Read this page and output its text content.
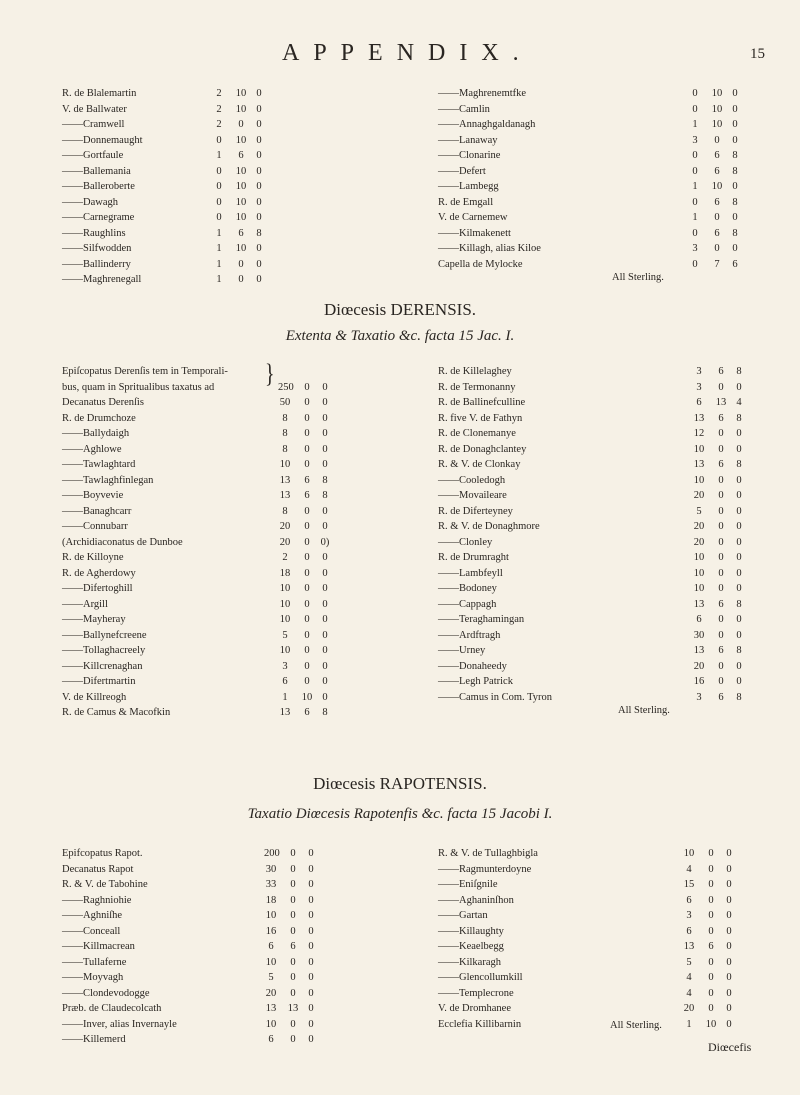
APPENDIX.	15
R. de Blalemartin	2	10 0
V. de Ballwater	2	10 0
——Cramwell	2	0	0
——Donnemaught	0	10 0
——Gortfaule	1	6	0
——Ballemania	0	10 0
——Balleroberte	0	10 0
——Dawagh	0	10 0
——Carnegrame	0	10 0
——Raughlins	1	6	8
——Silfwodden	1	10 0
——Ballinderry	1	0	0
——Maghrenegall	1	0	0
——Maghrenemtfke	0	10 0
——Camlin	0	10 0
——Annaghgaldanagh	1	10 0
——Lanaway	3	0	0
——Clonarine	0	6	8
——Defert	0	6	8
——Lambegg	1	10 0
R. de Emgall	0	6	8
V. de Carnemew	1	0	0
——Kilmakenett	0	6	8
——Killagh, alias Kiloe	3	0	0
Capella de Mylocke	0	7	6
All Sterling.
Diœcesis DERENSIS.
Extenta & Taxatio &c. facta 15 Jac. I.
Epiſcopatus Derenſis tem in Temporali-
bus, quam in Spritualibus taxatus ad	250	0	0
Decanatus Derenſis	50	0	0
R. de Drumchoze	8	0	0
——Ballydaigh	8	0	0
——Aghlowe	8	0	0
——Tawlaghtard	10	0	0
——Tawlaghfinlegan	13	6	8
——Boyvevie	13	6	8
——Banaghcarr	8	0	0
——Connubarr	20	0	0
(Archidiaconatus de Dunboe	20	0	0)
R. de Killoyne	2	0	0
R. de Agherdowy	18	0	0
——Difertoghill	10	0	0
——Argill	10	0	0
——Mayheray	10	0	0
——Ballynefcreene	5	0	0
——Tollaghacreely	10	0	0
——Killcrenaghan	3	0	0
——Difertmartin	6	0	0
V. de Killreogh	1	10 0
R. de Camus & Macofkin	13	6	8
R. de Killelaghey	3	6	8
R. de Termonanny	3	0	0
R. de Ballinefculline	6	13 4
R. five V. de Fathyn	13	6	8
R. de Clonemanye	12	0	0
R. de Donaghclantey	10	0	0
R. & V. de Clonkay	13	6	8
——Cooledogh	10	0	0
——Movaileare	20	0	0
R. de Diferteyney	5	0	0
R. & V. de Donaghmore	20	0	0
——Clonley	20	0	0
R. de Drumraght	10	0	0
——Lambfeyll	10	0	0
——Bodoney	10	0	0
——Cappagh	13	6	8
——Teraghamingan	6	0	0
——Ardftragh	30	0	0
——Urney	13	6	8
——Donaheedy	20	0	0
——Legh Patrick	16	0	0
——Camus in Com. Tyron	3	6	8
}
All Sterling.
Diœcesis RAPOTENSIS.
Taxatio Diœcesis Rapotenfis &c. facta 15 Jacobi I.
Epifcopatus Rapot.	200	0	0
Decanatus Rapot	30	0	0
R. & V. de Tabohine	33	0	0
——Raghniohie	18	0	0
——Aghniſhe	10	0	0
——Conceall	16	0	0
——Killmacrean	6	6	0
——Tullaferne	10	0	0
——Moyvagh	5	0	0
——Clondevodogge	20	0	0
Præb. de Claudecolcath	13 13 0
——Inver, alias Invernayle	10	0	0
——Killemerd	6	0	0
R. & V. de Tullaghbigla	10	0	0
——Ragmunterdoyne	4	0	0
——Eniſgnile	15	0	0
——Aghaninſhon	6	0	0
——Gartan	3	0	0
——Killaughty	6	0	0
——Keaelbegg	13	6	0
——Kilkaragh	5	0	0
——Glencollumkill	4	0	0
——Templecrone	4	0	0
V. de Dromhanee	20	0	0
Ecclefia Killibarnin	1	10 0
All Sterling.
Diœcefis
